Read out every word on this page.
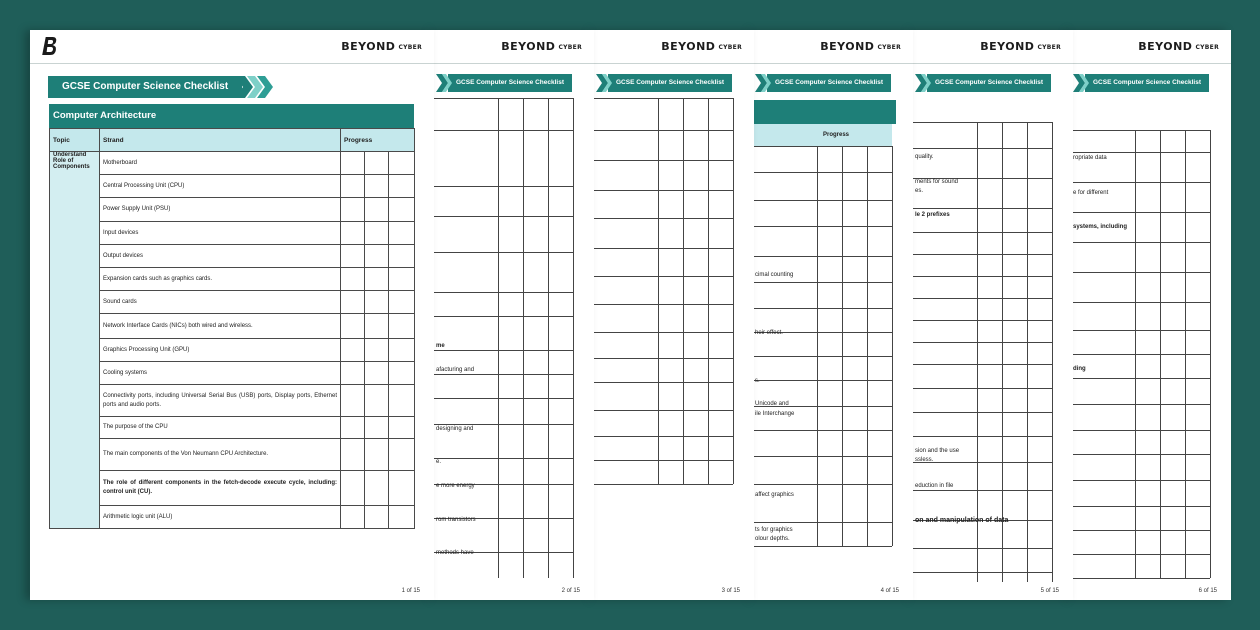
BEYOND CYBER
GCSE Computer Science Checklist
ropriate data
e for different
systems, including
ding
6 of 15
BEYOND CYBER
GCSE Computer Science Checklist
quality.
ments for sound
es.
le 2 prefixes
sion and the use
ssless.
eduction in file
on and manipulation of data
5 of 15
BEYOND CYBER
GCSE Computer Science Checklist
Progress
cimal counting
heir effect.
s.
Unicode and
ile Interchange
affect graphics
ts for graphics
olour depths.
4 of 15
BEYOND CYBER
GCSE Computer Science Checklist
3 of 15
BEYOND CYBER
GCSE Computer Science Checklist
me
afacturing and
designing and
e.
e more energy
rom transistors
methods have
2 of 15
BEYOND CYBER
GCSE Computer Science Checklist
Computer Architecture
Topic	Strand	Progress		
Understand Role of Components	Motherboard			
	Central Processing Unit (CPU)			
	Power Supply Unit (PSU)			
	Input devices			
	Output devices			
	Expansion cards such as graphics cards.			
	Sound cards			
	Network Interface Cards (NICs) both wired and wireless.			
	Graphics Processing Unit (GPU)			
	Cooling systems			
	Connectivity ports, including Universal Serial Bus (USB) ports, Display ports, Ethernet ports and audio ports.			
	The purpose of the CPU			
	The main components of the Von Neumann CPU Architecture.			
	The role of different components in the fetch-decode execute cycle, including: control unit (CU).			
	Arithmetic logic unit (ALU)			
1 of 15
